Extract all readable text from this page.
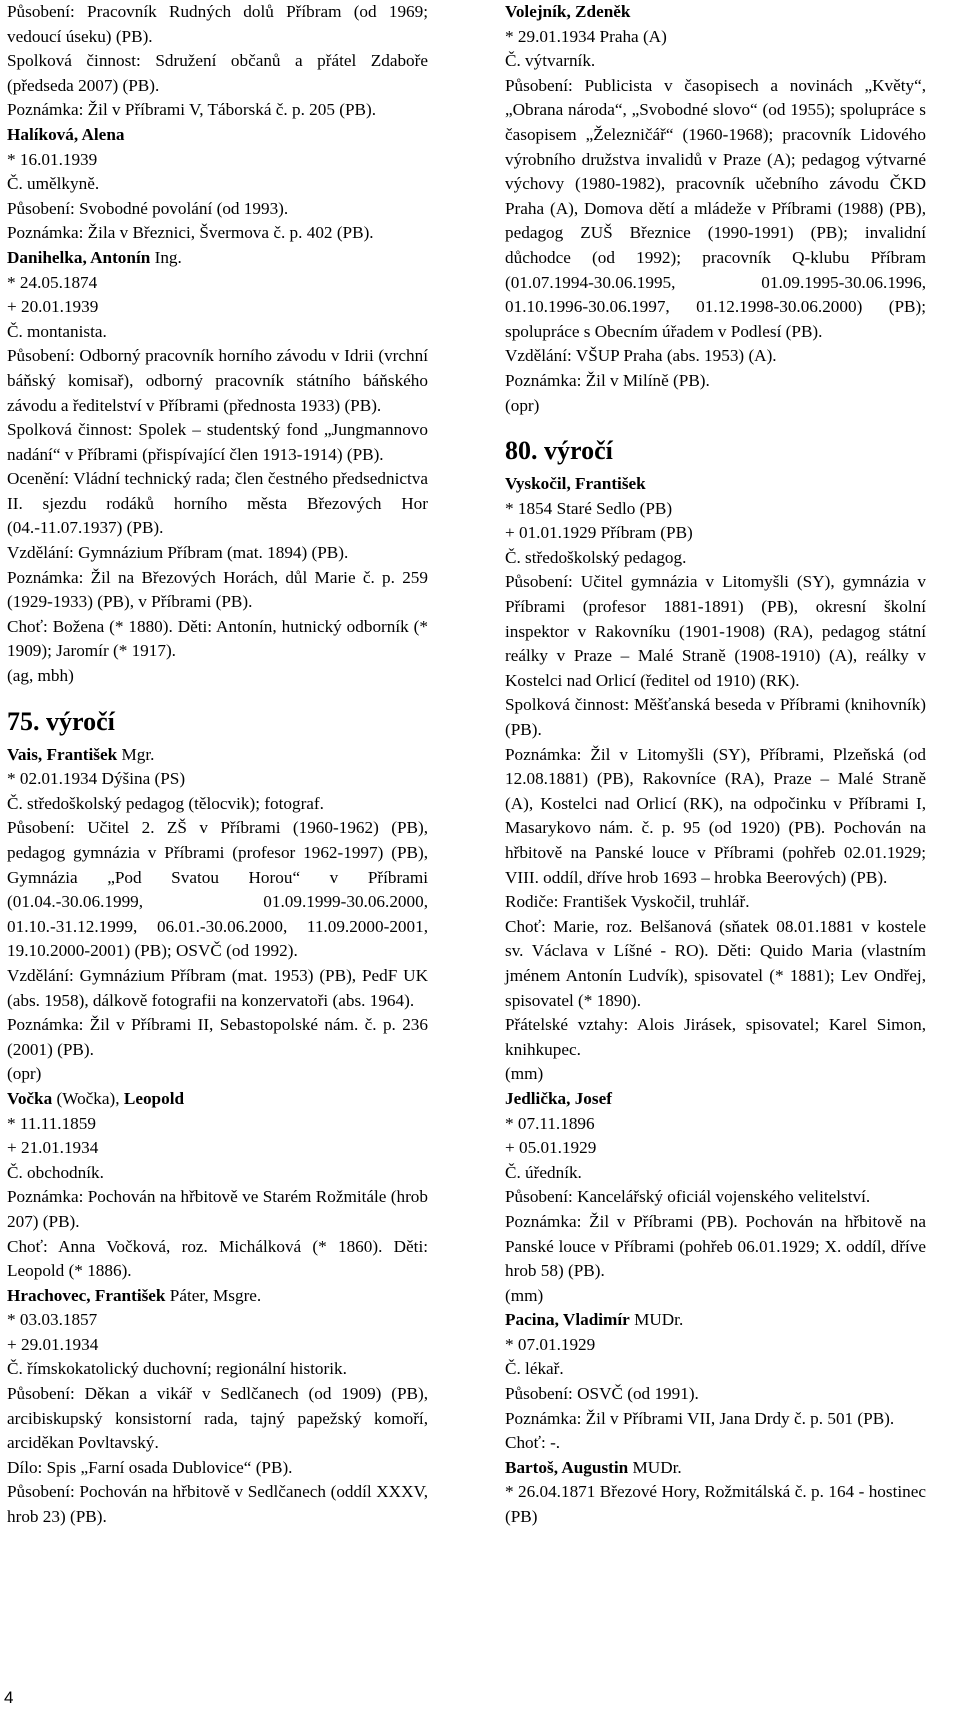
Působení: Pracovník Rudných dolů Příbram (od 1969; vedoucí úseku) (PB).

Spolková činnost: Sdružení občanů a přátel Zdaboře (předseda 2007) (PB).

Poznámka: Žil v Příbrami V, Táborská č. p. 205 (PB).

Halíková, Alena

* 16.01.1939

Č. umělkyně.

Působení: Svobodné povolání (od 1993).

Poznámka: Žila v Březnici, Švermova č. p. 402 (PB).

Danihelka, Antonín Ing.

* 24.05.1874

+ 20.01.1939

Č. montanista.

Působení: Odborný pracovník horního závodu v Idrii (vrchní báňský komisař), odborný pracovník státního báňského závodu a ředitelství v Příbrami (přednosta 1933) (PB).

Spolková činnost: Spolek – studentský fond „Jungmannovo nadání“ v Příbrami (přispívající člen 1913-1914) (PB).

Ocenění: Vládní technický rada; člen čestného předsednictva II. sjezdu rodáků horního města Březových Hor (04.-11.07.1937) (PB).

Vzdělání: Gymnázium Příbram (mat. 1894) (PB).

Poznámka: Žil na Březových Horách, důl Marie č. p. 259 (1929-1933) (PB), v Příbrami (PB).

Choť: Božena (* 1880). Děti: Antonín, hutnický odborník (* 1909); Jaromír (* 1917).

(ag, mbh)

75. výročí

Vais, František Mgr.

* 02.01.1934 Dýšina (PS)

Č. středoškolský pedagog (tělocvik); fotograf.

Působení: Učitel 2. ZŠ v Příbrami (1960-1962) (PB), pedagog gymnázia v Příbrami (profesor 1962-1997) (PB), Gymnázia „Pod Svatou Horou“ v Příbrami (01.04.-30.06.1999, 01.09.1999-30.06.2000, 01.10.-31.12.1999, 06.01.-30.06.2000, 11.09.2000-2001, 19.10.2000-2001) (PB); OSVČ (od 1992).

Vzdělání: Gymnázium Příbram (mat. 1953) (PB), PedF UK (abs. 1958), dálkově fotografii na konzervatoři (abs. 1964).

Poznámka: Žil v Příbrami II, Sebastopolské nám. č. p. 236 (2001) (PB).

(opr)

Vočka (Wočka), Leopold

* 11.11.1859

+ 21.01.1934

Č. obchodník.

Poznámka: Pochován na hřbitově ve Starém Rožmitále (hrob 207) (PB).

Choť: Anna Vočková, roz. Michálková (* 1860). Děti: Leopold (* 1886).

Hrachovec, František Páter, Msgre.

* 03.03.1857

+ 29.01.1934

Č. římskokatolický duchovní; regionální historik.

Působení: Děkan a vikář v Sedlčanech (od 1909) (PB), arcibiskupský konsistorní rada, tajný papežský komoří, arciděkan Povltavský.

Dílo: Spis „Farní osada Dublovice“ (PB).

Působení: Pochován na hřbitově v Sedlčanech (oddíl XXXV, hrob 23) (PB).

Volejník, Zdeněk

* 29.01.1934 Praha (A)

Č. výtvarník.

Působení: Publicista v časopisech a novinách „Květy“, „Obrana národa“, „Svobodné slovo“ (od 1955); spolupráce s časopisem „Železničář“ (1960-1968); pracovník Lidového výrobního družstva invalidů v Praze (A); pedagog výtvarné výchovy (1980-1982), pracovník učebního závodu ČKD Praha (A), Domova dětí a mládeže v Příbrami (1988) (PB), pedagog ZUŠ Březnice (1990-1991) (PB); invalidní důchodce (od 1992); pracovník Q-klubu Příbram (01.07.1994-30.06.1995, 01.09.1995-30.06.1996, 01.10.1996-30.06.1997, 01.12.1998-30.06.2000) (PB); spolupráce s Obecním úřadem v Podlesí (PB).

Vzdělání: VŠUP Praha (abs. 1953) (A).

Poznámka: Žil v Milíně (PB).

(opr)

80. výročí

Vyskočil, František

* 1854 Staré Sedlo (PB)

+ 01.01.1929 Příbram (PB)

Č. středoškolský pedagog.

Působení: Učitel gymnázia v Litomyšli (SY), gymnázia v Příbrami (profesor 1881-1891) (PB), okresní školní inspektor v Rakovníku (1901-1908) (RA), pedagog státní reálky v Praze – Malé Straně (1908-1910) (A), reálky v Kostelci nad Orlicí (ředitel od 1910) (RK).

Spolková činnost: Měšťanská beseda v Příbrami (knihovník) (PB).

Poznámka: Žil v Litomyšli (SY), Příbrami, Plzeňská (od 12.08.1881) (PB), Rakovníce (RA), Praze – Malé Straně (A), Kostelci nad Orlicí (RK), na odpočinku v Příbrami I, Masarykovo nám. č. p. 95 (od 1920) (PB). Pochován na hřbitově na Panské louce v Příbrami (pohřeb 02.01.1929; VIII. oddíl, dříve hrob 1693 – hrobka Beerových) (PB).

Rodiče: František Vyskočil, truhlář.

Choť: Marie, roz. Belšanová (sňatek 08.01.1881 v kostele sv. Václava v Líšné - RO). Děti: Quido Maria (vlastním jménem Antonín Ludvík), spisovatel (* 1881); Lev Ondřej, spisovatel (* 1890).

Přátelské vztahy: Alois Jirásek, spisovatel; Karel Simon, knihkupec.

(mm)

Jedlička, Josef

* 07.11.1896

+ 05.01.1929

Č. úředník.

Působení: Kancelářský oficiál vojenského velitelství.

Poznámka: Žil v Příbrami (PB). Pochován na hřbitově na Panské louce v Příbrami (pohřeb 06.01.1929; X. oddíl, dříve hrob 58) (PB).

(mm)

Pacina, Vladimír MUDr.

* 07.01.1929

Č. lékař.

Působení: OSVČ (od 1991).

Poznámka: Žil v Příbrami VII, Jana Drdy č. p. 501 (PB).

Choť: -.

Bartoš, Augustin MUDr.

* 26.04.1871 Březové Hory, Rožmitálská č. p. 164 - hostinec (PB)

4
